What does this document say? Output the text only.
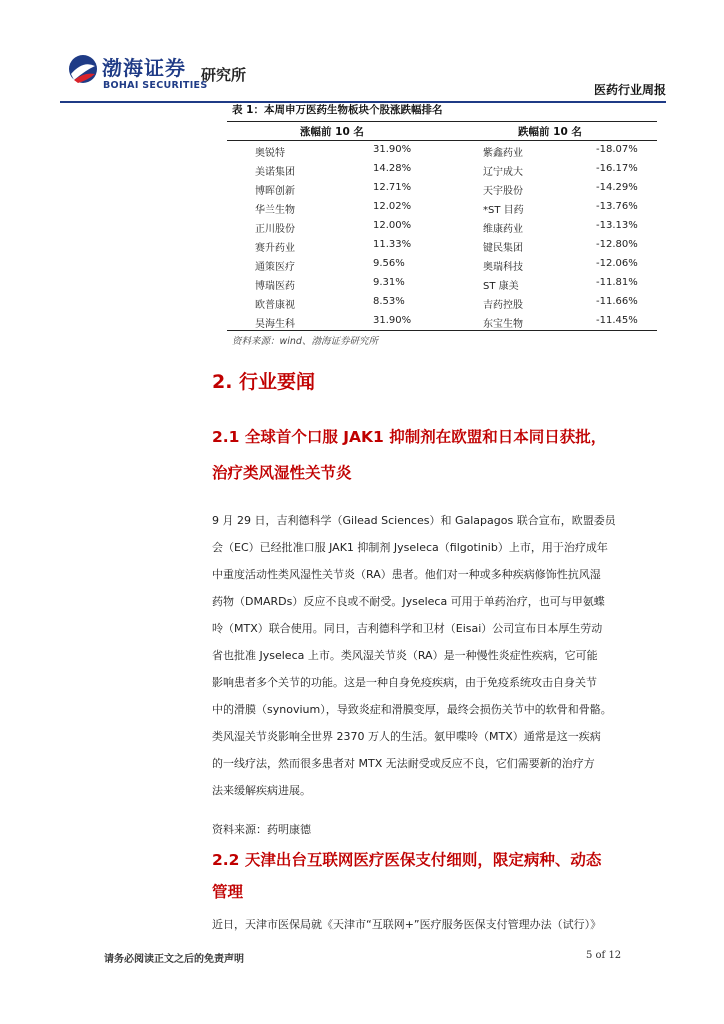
渤海证券
BOHAI SECURITIES
研究所
医药行业周报
表 1：本周申万医药生物板块个股涨跌幅排名
涨幅前 10 名	跌幅前 10 名
奥锐特	31.90%	紫鑫药业	-18.07%
美诺集团	14.28%	辽宁成大	-16.17%
博晖创新	12.71%	天宇股份	-14.29%
华兰生物	12.02%	*ST 目药	-13.76%
正川股份	12.00%	维康药业	-13.13%
赛升药业	11.33%	键民集团	-12.80%
通策医疗	9.56%	奥瑞科技	-12.06%
博瑞医药	9.31%	ST 康美	-11.81%
欧普康视	8.53%	吉药控股	-11.66%
昊海生科	31.90%	东宝生物	-11.45%
资料来源：wind、渤海证券研究所
2. 行业要闻
2.1 全球首个口服 JAK1 抑制剂在欧盟和日本同日获批，
治疗类风湿性关节炎
9 月 29 日，吉利德科学（Gilead Sciences）和 Galapagos 联合宣布，欧盟委员
会（EC）已经批准口服 JAK1 抑制剂 Jyseleca（filgotinib）上市，用于治疗成年
中重度活动性类风湿性关节炎（RA）患者。他们对一种或多种疾病修饰性抗风湿
药物（DMARDs）反应不良或不耐受。Jyseleca 可用于单药治疗，也可与甲氨蝶
呤（MTX）联合使用。同日，吉利德科学和卫材（Eisai）公司宣布日本厚生劳动
省也批准 Jyseleca 上市。类风湿关节炎（RA）是一种慢性炎症性疾病，它可能
影响患者多个关节的功能。这是一种自身免疫疾病，由于免疫系统攻击自身关节
中的滑膜（synovium），导致炎症和滑膜变厚，最终会损伤关节中的软骨和骨骼。
类风湿关节炎影响全世界 2370 万人的生活。氨甲喋呤（MTX）通常是这一疾病
的一线疗法，然而很多患者对 MTX 无法耐受或反应不良，它们需要新的治疗方
资料来源：药明康德
2.2 天津出台互联网医疗医保支付细则，限定病种、动态
管理
近日，天津市医保局就《天津市“互联网+”医疗服务医保支付管理办法（试行）》
请务必阅读正文之后的免责声明	5 of 12
法来缓解疾病进展。
